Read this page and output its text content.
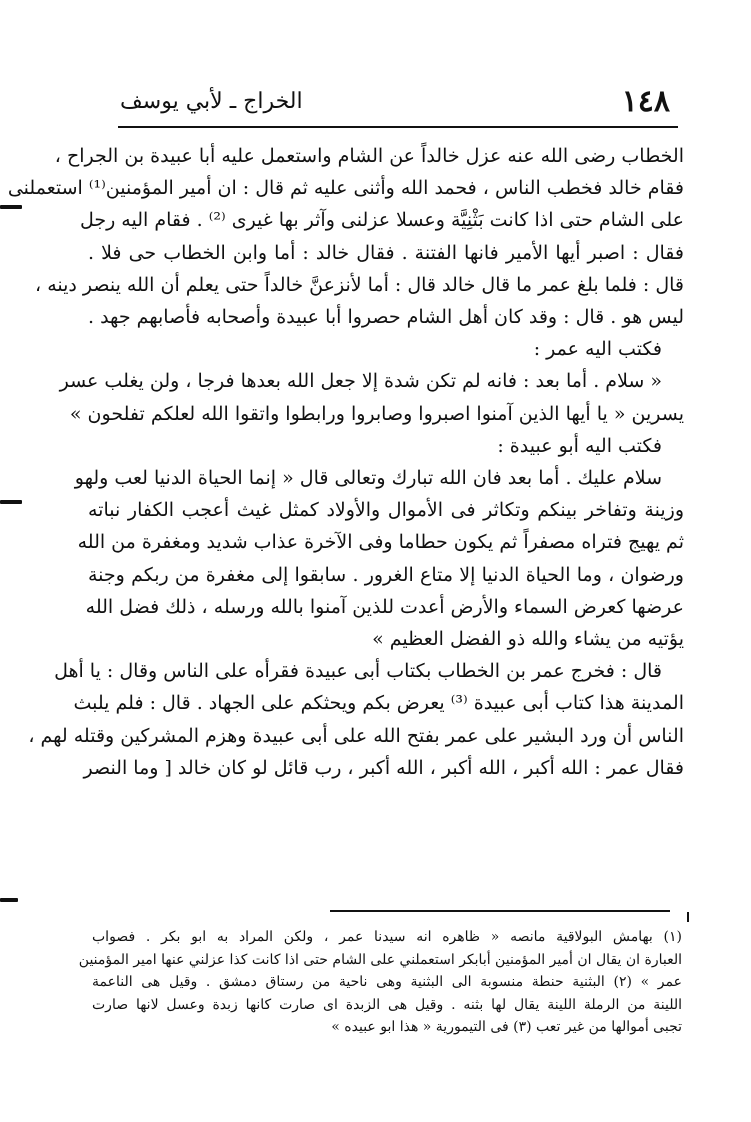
١٤٨
الخراج ـ لأبي يوسف
الخطاب رضى الله عنه عزل خالداً عن الشام واستعمل عليه أبا عبيدة بن الجراح ،
فقام خالد فخطب الناس ، فحمد الله وأثنى عليه ثم قال : ان أمير المؤمنين⁽¹⁾ استعملنى
على الشام حتى اذا كانت بَثْنِيَّة وعسلا عزلنى وآثر بها غيرى ⁽²⁾ . فقام اليه رجل
فقال : اصبر أيها الأمير فانها الفتنة . فقال خالد : أما وابن الخطاب حى فلا .
قال : فلما بلغ عمر ما قال خالد قال : أما لأنزعنَّ خالداً حتى يعلم أن الله ينصر دينه ،
ليس هو . قال : وقد كان أهل الشام حصروا أبا عبيدة وأصحابه فأصابهم جهد .
فكتب اليه عمر :
« سلام . أما بعد : فانه لم تكن شدة إلا جعل الله بعدها فرجا ، ولن يغلب عسر
يسرين « يا أيها الذين آمنوا اصبروا وصابروا ورابطوا واتقوا الله لعلكم تفلحون »
فكتب اليه أبو عبيدة :
سلام عليك . أما بعد فان الله تبارك وتعالى قال « إنما الحياة الدنيا لعب ولهو
وزينة وتفاخر بينكم وتكاثر فى الأموال والأولاد كمثل غيث أعجب الكفار نباته
ثم يهيج فتراه مصفراً ثم يكون حطاما وفى الآخرة عذاب شديد ومغفرة من الله
ورضوان ، وما الحياة الدنيا إلا متاع الغرور . سابقوا إلى مغفرة من ربكم وجنة
عرضها كعرض السماء والأرض أعدت للذين آمنوا بالله ورسله ، ذلك فضل الله
يؤتيه من يشاء والله ذو الفضل العظيم »
قال : فخرج عمر بن الخطاب بكتاب أبى عبيدة فقرأه على الناس وقال : يا أهل
المدينة هذا كتاب أبى عبيدة ⁽³⁾ يعرض بكم ويحثكم على الجهاد . قال : فلم يلبث
الناس أن ورد البشير على عمر بفتح الله على أبى عبيدة وهزم المشركين وقتله لهم ،
فقال عمر : الله أكبر ، الله أكبر ، الله أكبر ، رب قائل لو كان خالد [ وما النصر
(١) بهامش البولاقية مانصه « ظاهره انه سيدنا عمر ، ولكن المراد به ابو بكر . فصواب
العبارة ان يقال ان أمير المؤمنين أبابكر استعملني على الشام حتى اذا كانت كذا عزلني عنها امير المؤمنين
عمر » (٢) البثنية حنطة منسوبة الى البثنية وهى ناحية من رستاق دمشق . وقيل هى الناعمة
اللينة من الرملة اللينة يقال لها بثنه . وقيل هى الزبدة اى صارت كانها زبدة وعسل لانها صارت
تجبى أموالها من غير تعب (٣) فى التيمورية « هذا ابو عبيده »
